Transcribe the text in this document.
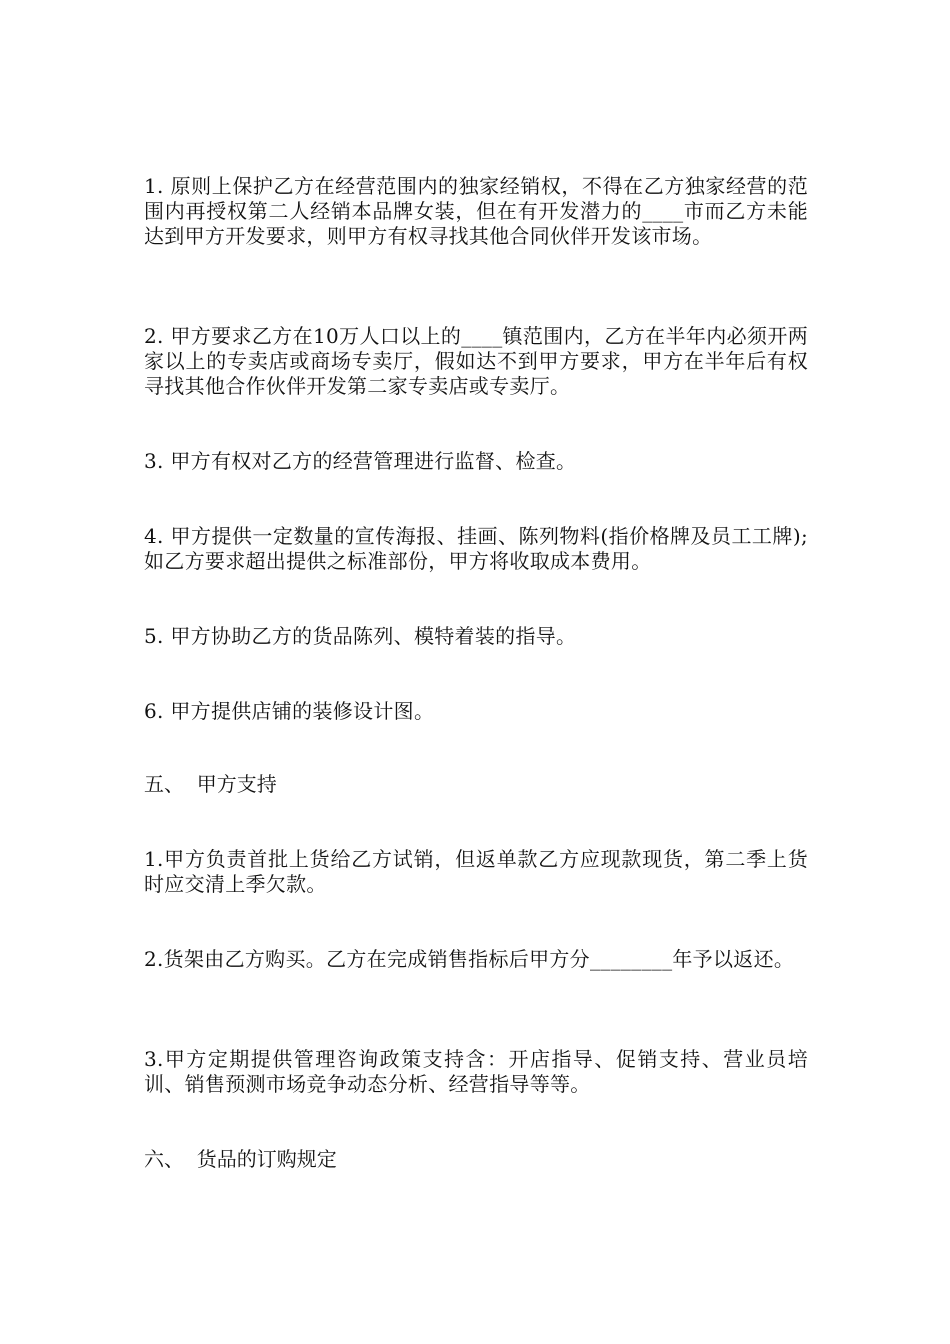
1. 原则上保护乙方在经营范围内的独家经销权，不得在乙方独家经营的范围内再授权第二人经销本品牌女装，但在有开发潜力的____市而乙方未能达到甲方开发要求，则甲方有权寻找其他合同伙伴开发该市场。

2. 甲方要求乙方在10万人口以上的____镇范围内，乙方在半年内必须开两家以上的专卖店或商场专卖厅，假如达不到甲方要求，甲方在半年后有权寻找其他合作伙伴开发第二家专卖店或专卖厅。

3. 甲方有权对乙方的经营管理进行监督、检查。

4. 甲方提供一定数量的宣传海报、挂画、陈列物料(指价格牌及员工工牌);如乙方要求超出提供之标准部份，甲方将收取成本费用。

5. 甲方协助乙方的货品陈列、模特着装的指导。

6. 甲方提供店铺的装修设计图。

五、  甲方支持

1.甲方负责首批上货给乙方试销，但返单款乙方应现款现货，第二季上货时应交清上季欠款。

2.货架由乙方购买。乙方在完成销售指标后甲方分________年予以返还。

3.甲方定期提供管理咨询政策支持含：开店指导、促销支持、营业员培训、销售预测市场竞争动态分析、经营指导等等。

六、  货品的订购规定
